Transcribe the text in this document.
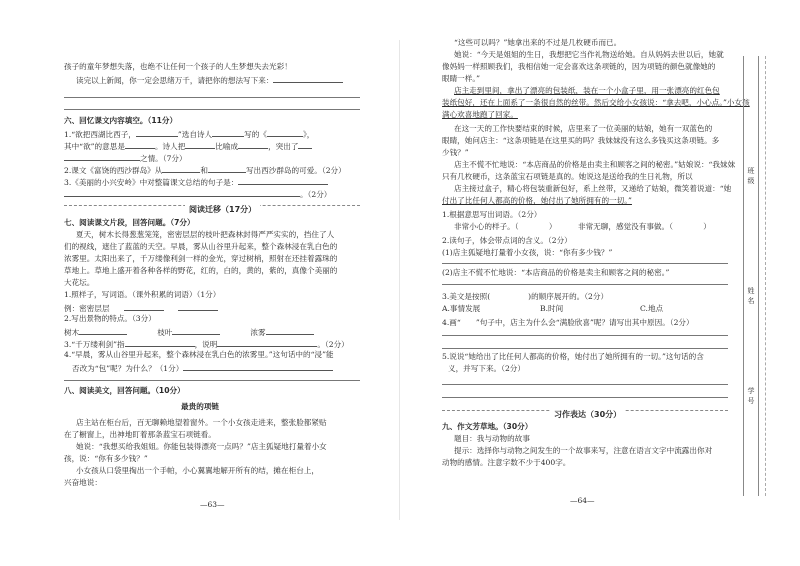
孩子的童年梦想失落，也绝不让任何一个孩子的人生梦想失去光彩！
读完以上新闻，你一定会思绪万千，请把你的想法写下来：
六、回忆课文内容填空。（11分）
1.“欲把西湖比西子，	”选自诗人	写的《	》，
其中“欲”的意思是	。诗人把	比喻成	，突出了
之情。（7分）
2.课文《富饶的西沙群岛》从	和	写出西沙群岛的可爱。（2分）
3.《美丽的小兴安岭》中对整篇课文总结的句子是：
。（2分）
阅读迁移（17分）
七、阅读课文片段，回答问题。（7分）
夏天，树木长得葱葱笼笼，密密层层的枝叶把森林封得严严实实的，挡住了人
们的视线，遮住了蓝蓝的天空。早晨，雾从山谷里升起来，整个森林浸在乳白色的
浓雾里。太阳出来了，千万缕像利剑一样的金光，穿过树梢，照射在还挂着露珠的
草地上。草地上盛开着各种各样的野花，红的，白的，黄的，紫的，真像个美丽的
大花坛。
1.照样子，写词语。（课外积累的词语）（1分）
例：密密层层
2.写出景物的特点。（3分）
树木	枝叶	浓雾
3.“千万缕利剑”指	，说明	。（2分）
4.“早晨，雾从山谷里升起来，整个森林浸在乳白色的浓雾里。”这句话中的“浸”能
否改为“包”呢？为什么？（1分）
八、阅读美文，回答问题。（10分）
最贵的项链
店主站在柜台后，百无聊赖地望着窗外。一个小女孩走进来，整张脸都紧贴
在了橱窗上，出神地盯着那条蓝宝石项链看。
她说：“我想买给我姐姐。你能包装得漂亮一点吗？”店主狐疑地打量着小女
孩，说：“你有多少钱？”
小女孩从口袋里掏出一个手帕，小心翼翼地解开所有的结，摊在柜台上，
兴奋地说：
—63—
“这些可以吗？”她拿出来的不过是几枚硬币而已。
她说：“今天是姐姐的生日，我想把它当作礼物送给她。自从妈妈去世以后，她就
像妈妈一样照顾我们，我相信她一定会喜欢这条项链的，因为项链的颜色就像她的
眼睛一样。”
店主走到里间，拿出了漂亮的包装纸，装在一个小盒子里，用一张漂亮的红色包
装纸包好，还在上面系了一条很自然的丝带。然后交给小女孩说：“拿去吧，小心点。”小女孩
满心欢喜地跑了回家。
在这一天的工作快要结束的时候，店里来了一位美丽的姑娘，她有一双蓝色的
眼睛，她问店主：“这条项链是在这里买的吗？我妹妹没有这么多钱买这条项链。多
少钱？”
店主不慌不忙地说：“本店商品的价格是由卖主和顾客之间的秘密。”姑娘说：“我妹妹
只有几枚硬币，这条蓝宝石项链是真的。她说这是送给我的生日礼物，所以
店主接过盒子，精心将包装重新包好，系上丝带，又递给了姑娘，微笑着说道：“她
付出了比任何人都高的价格，她付出了她所拥有的一切。”
1.根据意思写出词语。（2分）
非常小心的样子。（　　　　）	非常无聊，感觉没有事做。（　　　　）
2.读句子，体会带点词的含义。（2分）
(1)店主狐疑地打量着小女孩，说：“你有多少钱？”
(2)店主不慌不忙地说：“本店商品的价格是卖主和顾客之间的秘密。”
3.美文是按照(　　　　　)的顺序展开的。（2分）
A.事情发展	B.时间	C.地点
4.画“　　”句子中，店主为什么会“满脸欣喜”呢？请写出其中原因。（2分）
5.说说“她给出了比任何人都高的价格，她付出了她所拥有的一切。”这句话的含
义，并写下来。（2分）
习作表达（30分）
九、作文芳草地。（30分）
题目：我与动物的故事
提示：选择你与动物之间发生的一个故事来写，注意在语言文字中流露出你对
动物的感情。注意字数不少于400字。
—64—
班级
姓名
学号
